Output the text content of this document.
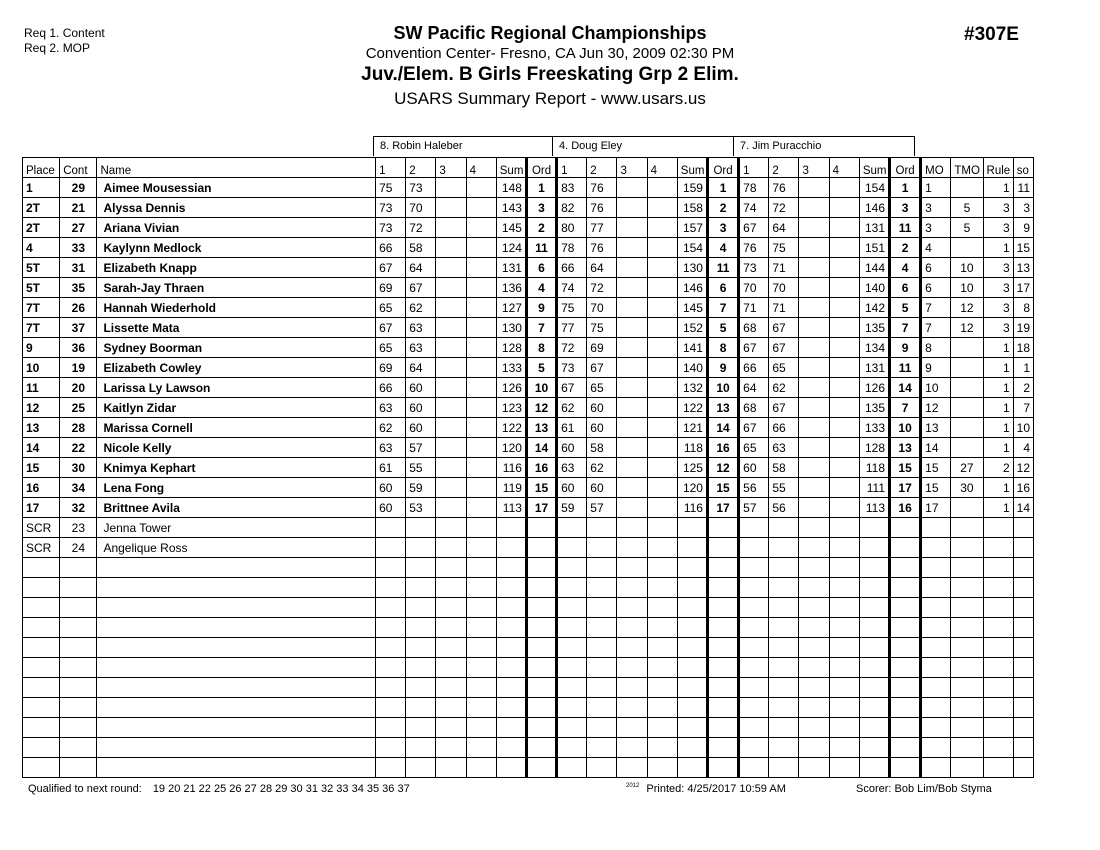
Req 1. Content
Req 2. MOP
#307E
SW Pacific Regional Championships
Convention Center- Fresno, CA Jun 30, 2009 02:30 PM
Juv./Elem. B Girls Freeskating Grp 2 Elim.
USARS Summary Report - www.usars.us
8. Robin Haleber	4. Doug Eley	7. Jim Puracchio
Place	Cont	Name	1	2	3	4	Sum	Ord	1	2	3	4	Sum	Ord	1	2	3	4	Sum	Ord	MO	TMO	Rule	so
1	29	Aimee Mousessian	75	73			148	1	83	76			159	1	78	76			154	1	1		1	11
2T	21	Alyssa Dennis	73	70			143	3	82	76			158	2	74	72			146	3	3	5	3	3
2T	27	Ariana Vivian	73	72			145	2	80	77			157	3	67	64			131	11	3	5	3	9
4	33	Kaylynn Medlock	66	58			124	11	78	76			154	4	76	75			151	2	4		1	15
5T	31	Elizabeth Knapp	67	64			131	6	66	64			130	11	73	71			144	4	6	10	3	13
5T	35	Sarah-Jay Thraen	69	67			136	4	74	72			146	6	70	70			140	6	6	10	3	17
7T	26	Hannah Wiederhold	65	62			127	9	75	70			145	7	71	71			142	5	7	12	3	8
7T	37	Lissette Mata	67	63			130	7	77	75			152	5	68	67			135	7	7	12	3	19
9	36	Sydney Boorman	65	63			128	8	72	69			141	8	67	67			134	9	8		1	18
10	19	Elizabeth Cowley	69	64			133	5	73	67			140	9	66	65			131	11	9		1	1
11	20	Larissa Ly Lawson	66	60			126	10	67	65			132	10	64	62			126	14	10		1	2
12	25	Kaitlyn Zidar	63	60			123	12	62	60			122	13	68	67			135	7	12		1	7
13	28	Marissa Cornell	62	60			122	13	61	60			121	14	67	66			133	10	13		1	10
14	22	Nicole Kelly	63	57			120	14	60	58			118	16	65	63			128	13	14		1	4
15	30	Knimya Kephart	61	55			116	16	63	62			125	12	60	58			118	15	15	27	2	12
16	34	Lena Fong	60	59			119	15	60	60			120	15	56	55			111	17	15	30	1	16
17	32	Brittnee Avila	60	53			113	17	59	57			116	17	57	56			113	16	17		1	14
SCR	23	Jenna Tower																						
SCR	24	Angelique Ross																						

Qualified to next round: 19 20 21 22 25 26 27 28 29 30 31 32 33 34 35 36 37	$^{2012}$ Printed: 4/25/2017 10:59 AM	Scorer: Bob Lim/Bob Styma
